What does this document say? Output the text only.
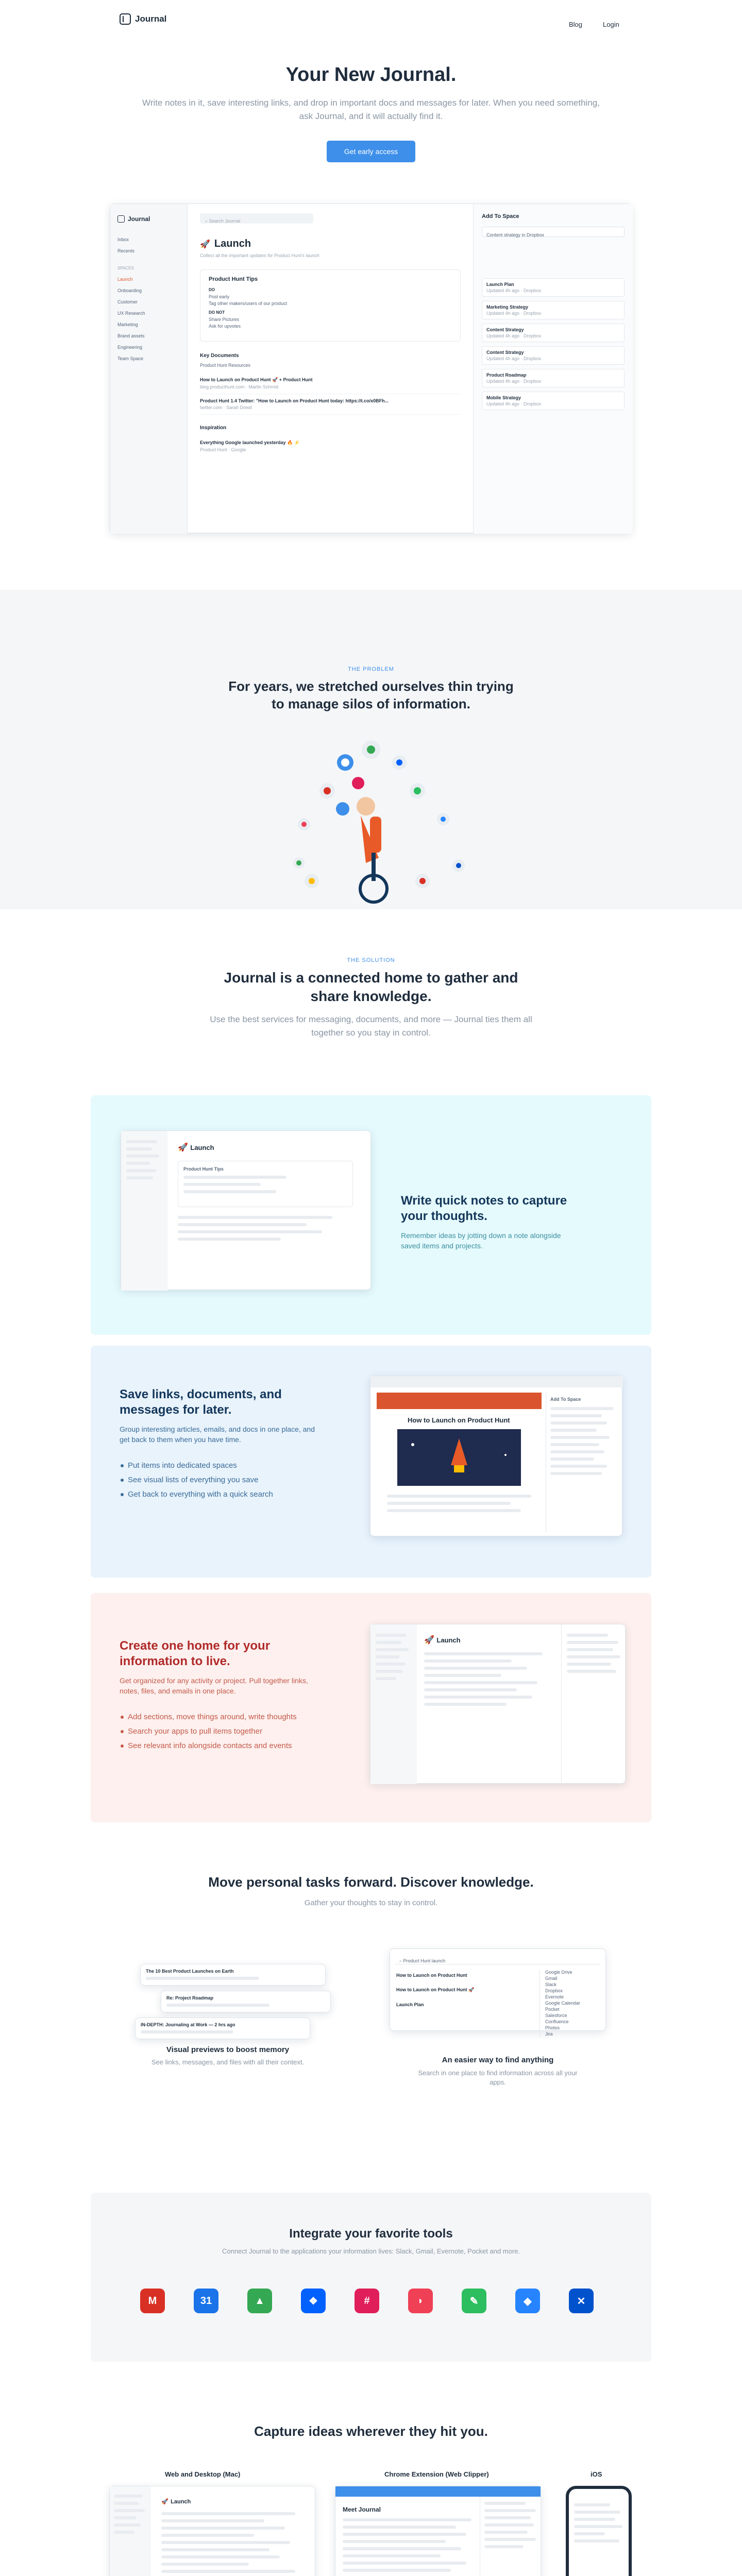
Journal
Blog	Login
Your New Journal.

Write notes in it, save interesting links, and drop in important docs and messages for later. When you need something, ask Journal, and it will actually find it.

Get early access
Journal
Inbox
Recents
SPACES
Launch
Onboarding
Customer
UX Research
Marketing
Brand assets
Engineering
Team Space
⌕ Search Journal
🚀 Launch
Collect all the important updates for Product Hunt's launch
Product Hunt Tips
DO
Post early
Tag other makers/users of our product
DO NOT
Share Pictures
Ask for upvotes
Key Documents
Product Hunt Resources
How to Launch on Product Hunt 🚀 + Product Hunt
blog.producthunt.com · Martin Schmid
Product Hunt 1.4 Twitter: "How to Launch on Product Hunt today: https://t.co/x0BFh...
twitter.com · Sarah Dowd
Inspiration
Everything Google launched yesterday 🔥 ⚡
Product Hunt · Google
Add To Space
Content strategy in Dropbox
Launch Plan
Updated 4h ago · Dropbox
Marketing Strategy
Updated 4h ago · Dropbox
Content Strategy
Updated 4h ago · Dropbox
Content Strategy
Updated 4h ago · Dropbox
Product Roadmap
Updated 4h ago · Dropbox
Mobile Strategy
Updated 4h ago · Dropbox
THE PROBLEM
For years, we stretched ourselves thin trying to manage silos of information.
THE SOLUTION
Journal is a connected home to gather and share knowledge.

Use the best services for messaging, documents, and more — Journal ties them all together so you stay in control.

🚀 Launch
Product Hunt Tips
Write quick notes to capture your thoughts.

Remember ideas by jotting down a note alongside saved items and projects.

Save links, documents, and messages for later.

Group interesting articles, emails, and docs in one place, and get back to them when you have time.

Put items into dedicated spaces
See visual lists of everything you save
Get back to everything with a quick search
How to Launch on Product Hunt
Add To Space
Create one home for your information to live.

Get organized for any activity or project. Pull together links, notes, files, and emails in one place.

Add sections, move things around, write thoughts
Search your apps to pull items together
See relevant info alongside contacts and events
🚀 Launch
Move personal tasks forward. Discover knowledge.

Gather your thoughts to stay in control.

The 10 Best Product Launches on Earth
Re: Project Roadmap
IN-DEPTH: Journaling at Work — 2 hrs ago
Visual previews to boost memory
See links, messages, and files with all their context.
⌕ Product Hunt launch
How to Launch on Product Hunt
How to Launch on Product Hunt 🚀
Launch Plan
Google Drive
Gmail
Slack
Dropbox
Evernote
Google Calendar
Pocket
Salesforce
Confluence
Photos
Jira
An easier way to find anything
Search in one place to find information across all your apps.
Integrate your favorite tools

Connect Journal to the applications your information lives: Slack, Gmail, Evernote, Pocket and more.

M	31	▲	❖	#	◗	✎	◆	✕
Capture ideas wherever they hit you.
Web and Desktop (Mac)	Chrome Extension (Web Clipper)	iOS
🚀 Launch
Meet Journal
